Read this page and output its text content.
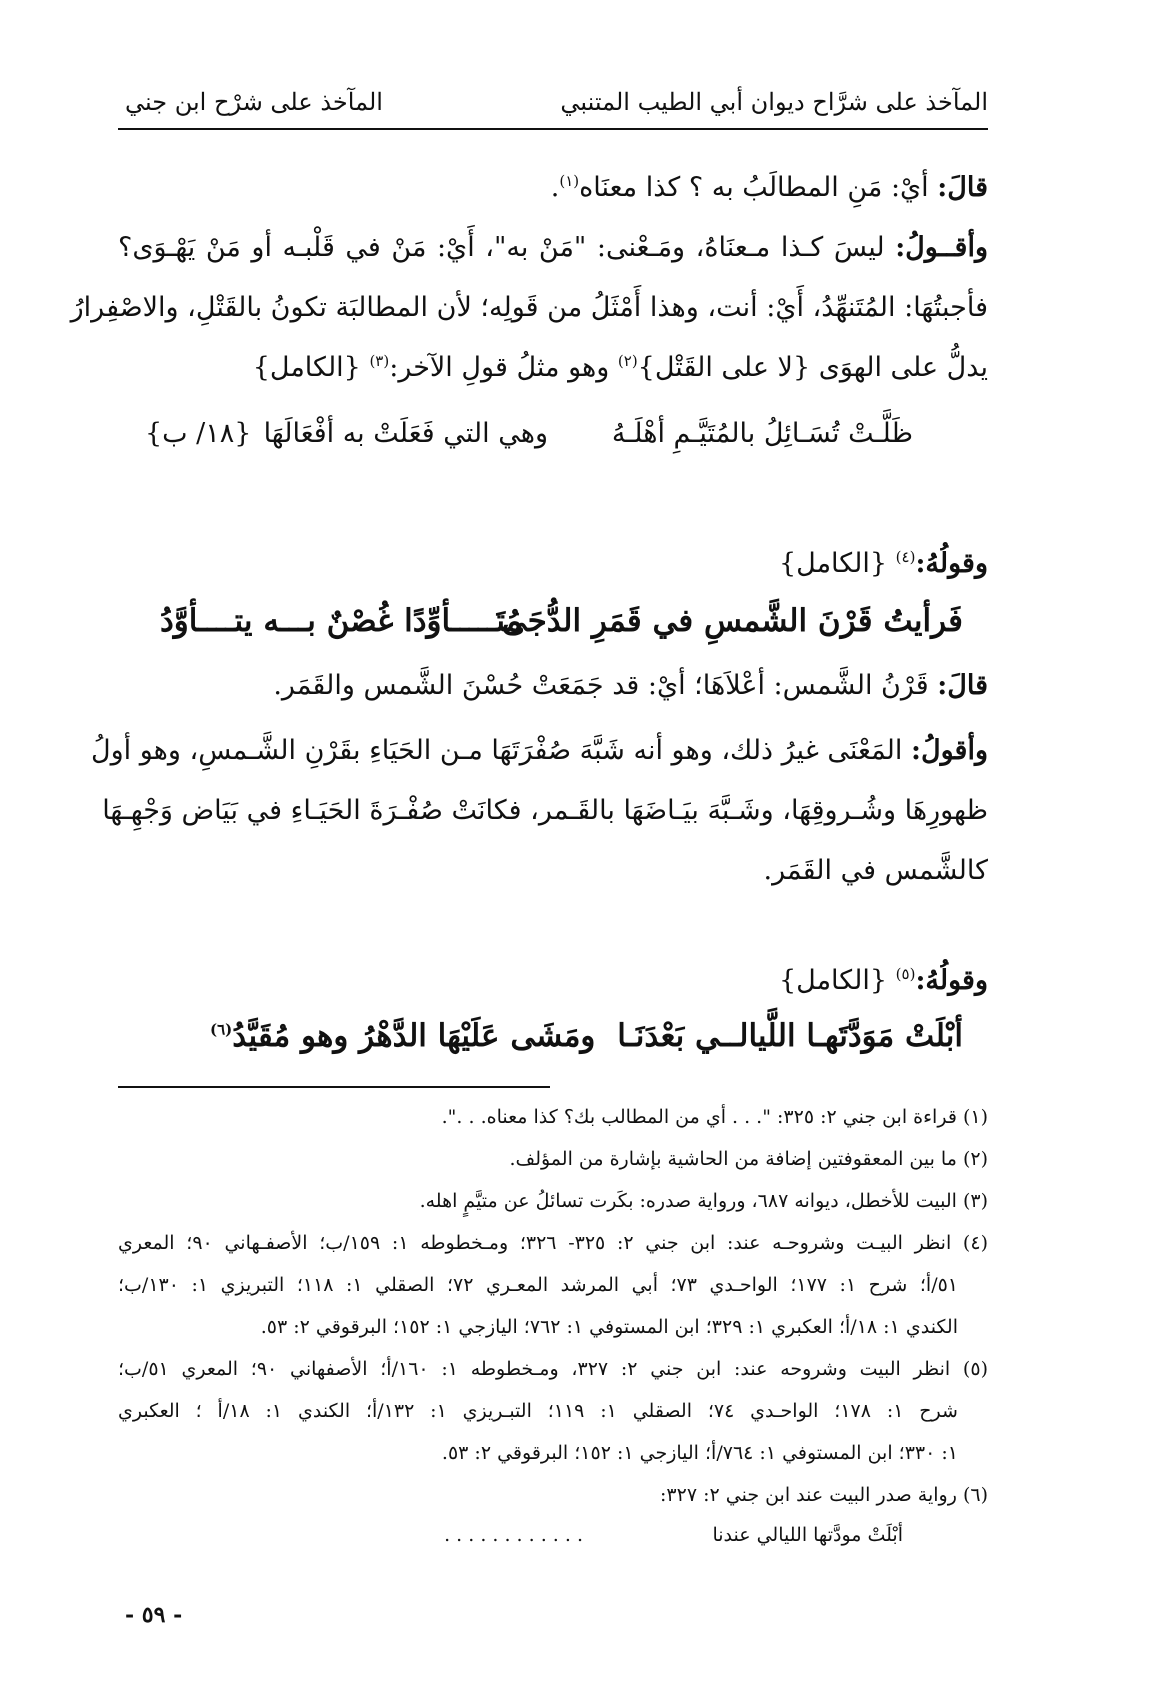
المآخذ على شرَّاح ديوان أبي الطيب المتنبي
المآخذ على شرْح ابن جني
قالَ: أيْ: مَنِ المطالَبُ به ؟ كذا معنَاه$^{(١)}$.
وأقــولُ: ليسَ كـذا مـعنَاهُ، ومَـعْنى: "مَنْ به"، أَيْ: مَنْ في قَلْبـه أو مَنْ يَهْـوَى؟
فأجبتُهَا: المُتَنهِّدُ، أَيْ: أنت، وهذا أَمْثَلُ من قَولِه؛ لأن المطالبَة تكونُ بالقَتْلِ، والاصْفِرارُ
يدلُّ على الهوَى {لا على القَتْل}$^{(٢)}$ وهو مثلُ قولِ الآخر:$^{(٣)}$ {الكامل}
ظَلَّـتْ تُسَـائِلُ بالمُتَيَّـمِ أهْلَـهُ
وهي التي فَعَلَتْ به أفْعَالَهَا
{١٨/ ب}
وقولُهُ:$^{(٤)}$ {الكامل}
فَرأيتُ قَرْنَ الشَّمسِ في قَمَرِ الدُّجَى
مُتَـــــأوِّدًا غُصْنٌ بـــه يتــــأوَّدُ
قالَ: قَرْنُ الشَّمس: أعْلاَهَا؛ أيْ: قد جَمَعَتْ حُسْنَ الشَّمس والقَمَر.
وأقولُ: المَعْنَى غيرُ ذلك، وهو أنه شَبَّهَ صُفْرَتَهَا مـن الحَيَاءِ بقَرْنِ الشَّـمسِ، وهو أولُ
ظهورِهَا وشُـروقِهَا، وشَـبَّهَ بيَـاضَهَا بالقَـمر، فكانَتْ صُفْـرَةَ الحَيَـاءِ في بَيَاض وَجْهِـهَا
كالشَّمس في القَمَر.
وقولُهُ:$^{(٥)}$ {الكامل}
أبْلَتْ مَوَدَّتَهـا اللَّيالــي بَعْدَنَـا
ومَشَى عَلَيْهَا الدَّهْرُ وهو مُقَيَّدُ$^{(٦)}$
(١) قراءة ابن جني ٢: ٣٢٥: ". . . أي من المطالب بك؟ كذا معناه. . .".
(٢) ما بين المعقوفتين إضافة من الحاشية بإشارة من المؤلف.
(٣) البيت للأخطل، ديوانه ٦٨٧، ورواية صدره: بكَرت تسائلُ عن متيَّمٍ اهله.
(٤) انظر البيـت وشروحـه عند: ابن جني ٢: ٣٢٥- ٣٢٦؛ ومـخطوطه ١: ١٥٩/ب؛ الأصفـهاني ٩٠؛ المعري
٥١/أ؛ شرح ١: ١٧٧؛ الواحـدي ٧٣؛ أبي المرشد المعـري ٧٢؛ الصقلي ١: ١١٨؛ التبريزي ١: ١٣٠/ب؛
الكندي ١: ١٨/أ؛ العكبري ١: ٣٢٩؛ ابن المستوفي ١: ٧٦٢؛ اليازجي ١: ١٥٢؛ البرقوقي ٢: ٥٣.
(٥) انظر البيت وشروحه عند: ابن جني ٢: ٣٢٧، ومـخطوطه ١: ١٦٠/أ؛ الأصفهاني ٩٠؛ المعري ٥١/ب؛
شرح ١: ١٧٨؛ الواحـدي ٧٤؛ الصقلي ١: ١١٩؛ التبـريزي ١: ١٣٢/أ؛ الكندي ١: ١٨/أ ؛ العكبري
١: ٣٣٠؛ ابن المستوفي ١: ٧٦٤/أ؛ اليازجي ١: ١٥٢؛ البرقوقي ٢: ٥٣.
(٦) رواية صدر البيت عند ابن جني ٢: ٣٢٧:
أبْلَتْ مودَّتها الليالي عندنا
. . . . . . . . . . . .
- ٥٩ -
